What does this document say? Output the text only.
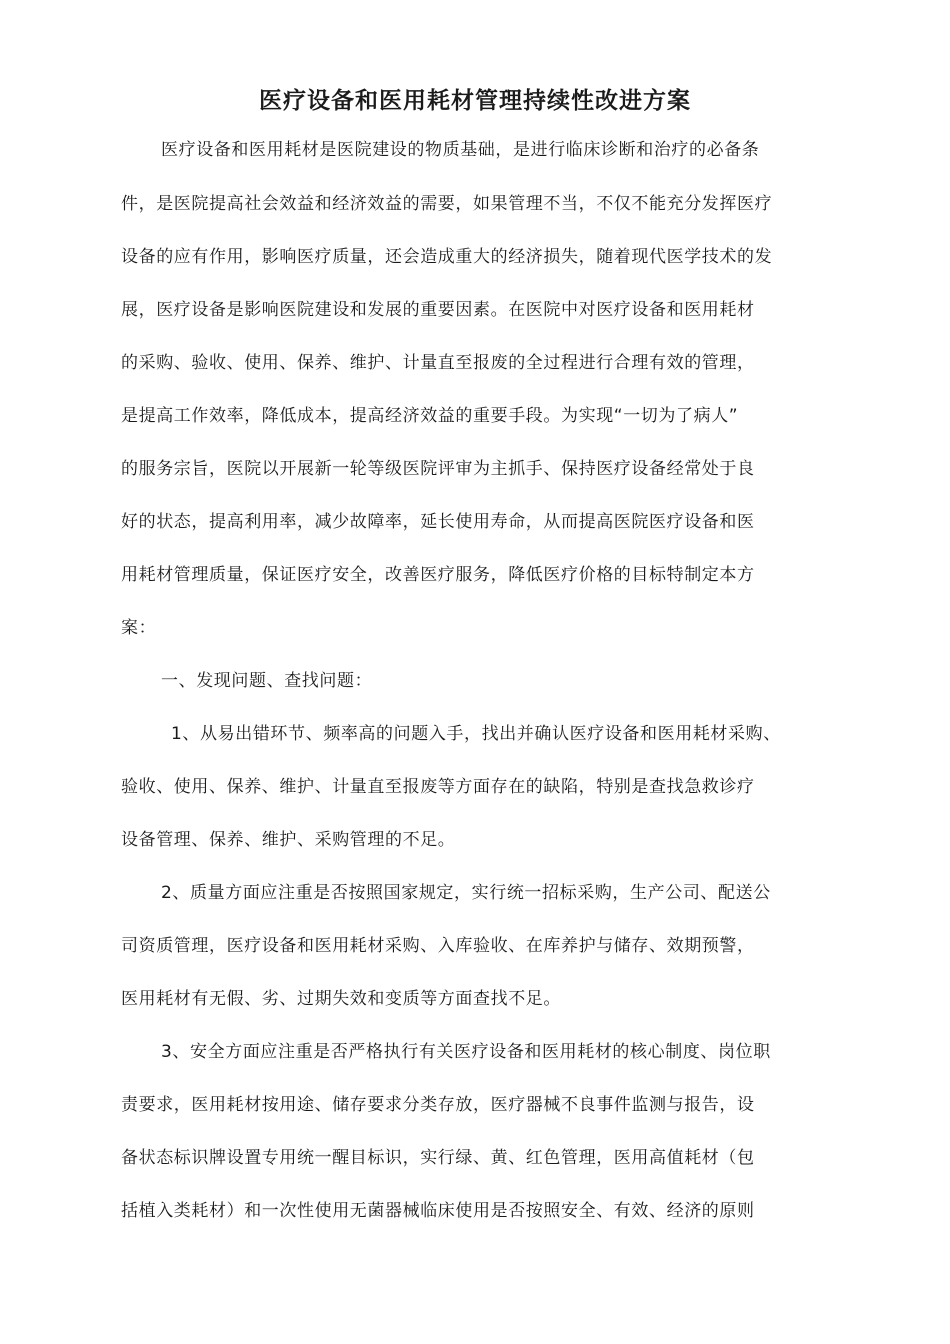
医疗设备和医用耗材管理持续性改进方案
医疗设备和医用耗材是医院建设的物质基础，是进行临床诊断和治疗的必备条
件，是医院提高社会效益和经济效益的需要，如果管理不当，不仅不能充分发挥医疗
设备的应有作用，影响医疗质量，还会造成重大的经济损失，随着现代医学技术的发
展，医疗设备是影响医院建设和发展的重要因素。在医院中对医疗设备和医用耗材
的采购、验收、使用、保养、维护、计量直至报废的全过程进行合理有效的管理，
是提高工作效率，降低成本，提高经济效益的重要手段。为实现“一切为了病人”
的服务宗旨，医院以开展新一轮等级医院评审为主抓手、保持医疗设备经常处于良
好的状态，提高利用率，减少故障率，延长使用寿命，从而提高医院医疗设备和医
用耗材管理质量，保证医疗安全，改善医疗服务，降低医疗价格的目标特制定本方
案：
一、发现问题、查找问题：
1、从易出错环节、频率高的问题入手，找出并确认医疗设备和医用耗材采购、
验收、使用、保养、维护、计量直至报废等方面存在的缺陷，特别是查找急救诊疗
设备管理、保养、维护、采购管理的不足。
2、质量方面应注重是否按照国家规定，实行统一招标采购，生产公司、配送公
司资质管理，医疗设备和医用耗材采购、入库验收、在库养护与储存、效期预警，
医用耗材有无假、劣、过期失效和变质等方面查找不足。
3、安全方面应注重是否严格执行有关医疗设备和医用耗材的核心制度、岗位职
责要求，医用耗材按用途、储存要求分类存放，医疗器械不良事件监测与报告，设
备状态标识牌设置专用统一醒目标识，实行绿、黄、红色管理，医用高值耗材（包
括植入类耗材）和一次性使用无菌器械临床使用是否按照安全、有效、经济的原则
